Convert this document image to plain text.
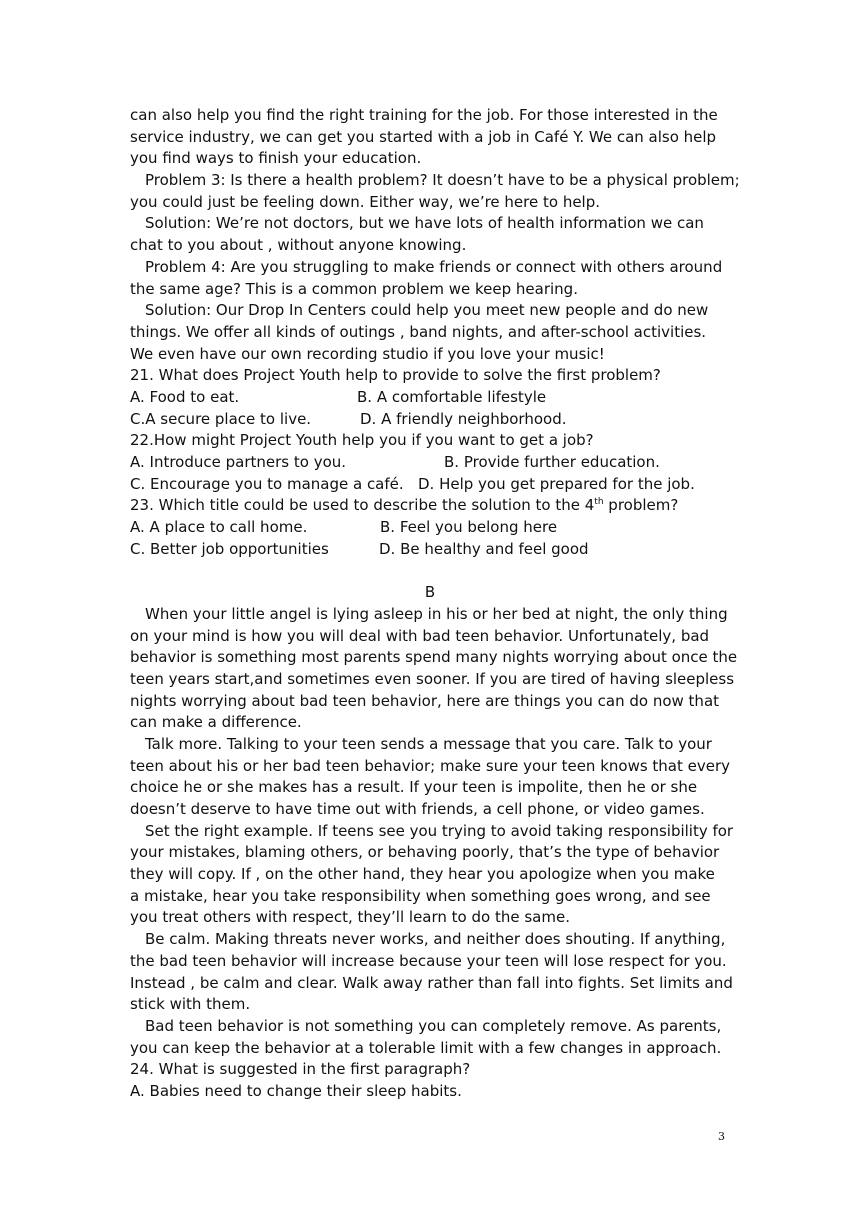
can also help you find the right training for the job. For those interested in the
service industry, we can get you started with a job in Café Y. We can also help
you find ways to finish your education.
Problem 3: Is there a health problem? It doesn’t have to be a physical problem;
you could just be feeling down. Either way, we’re here to help.
Solution: We’re not doctors, but we have lots of health information we can
chat to you about , without anyone knowing.
Problem 4: Are you struggling to make friends or connect with others around
the same age? This is a common problem we keep hearing.
Solution: Our Drop In Centers could help you meet new people and do new
things. We offer all kinds of outings , band nights, and after-school activities.
We even have our own recording studio if you love your music!
21. What does Project Youth help to provide to solve the first problem?
A. Food to eat.	B. A comfortable lifestyle
C.A secure place to live.	D. A friendly neighborhood.
22.How might Project Youth help you if you want to get a job?
A. Introduce partners to you.	B. Provide further education.
C. Encourage you to manage a café. D. Help you get prepared for the job.
23. Which title could be used to describe the solution to the 4th problem?
A. A place to call home.	B. Feel you belong here
C. Better job opportunities	D. Be healthy and feel good
B
When your little angel is lying asleep in his or her bed at night, the only thing
on your mind is how you will deal with bad teen behavior. Unfortunately, bad
behavior is something most parents spend many nights worrying about once the
teen years start,and sometimes even sooner. If you are tired of having sleepless
nights worrying about bad teen behavior, here are things you can do now that
can make a difference.
Talk more. Talking to your teen sends a message that you care. Talk to your
teen about his or her bad teen behavior; make sure your teen knows that every
choice he or she makes has a result. If your teen is impolite, then he or she
doesn’t deserve to have time out with friends, a cell phone, or video games.
Set the right example. If teens see you trying to avoid taking responsibility for
your mistakes, blaming others, or behaving poorly, that’s the type of behavior
they will copy. If , on the other hand, they hear you apologize when you make
a mistake, hear you take responsibility when something goes wrong, and see
you treat others with respect, they’ll learn to do the same.
Be calm. Making threats never works, and neither does shouting. If anything,
the bad teen behavior will increase because your teen will lose respect for you.
Instead , be calm and clear. Walk away rather than fall into fights. Set limits and
stick with them.
Bad teen behavior is not something you can completely remove. As parents,
you can keep the behavior at a tolerable limit with a few changes in approach.
24. What is suggested in the first paragraph?
A. Babies need to change their sleep habits.
3
